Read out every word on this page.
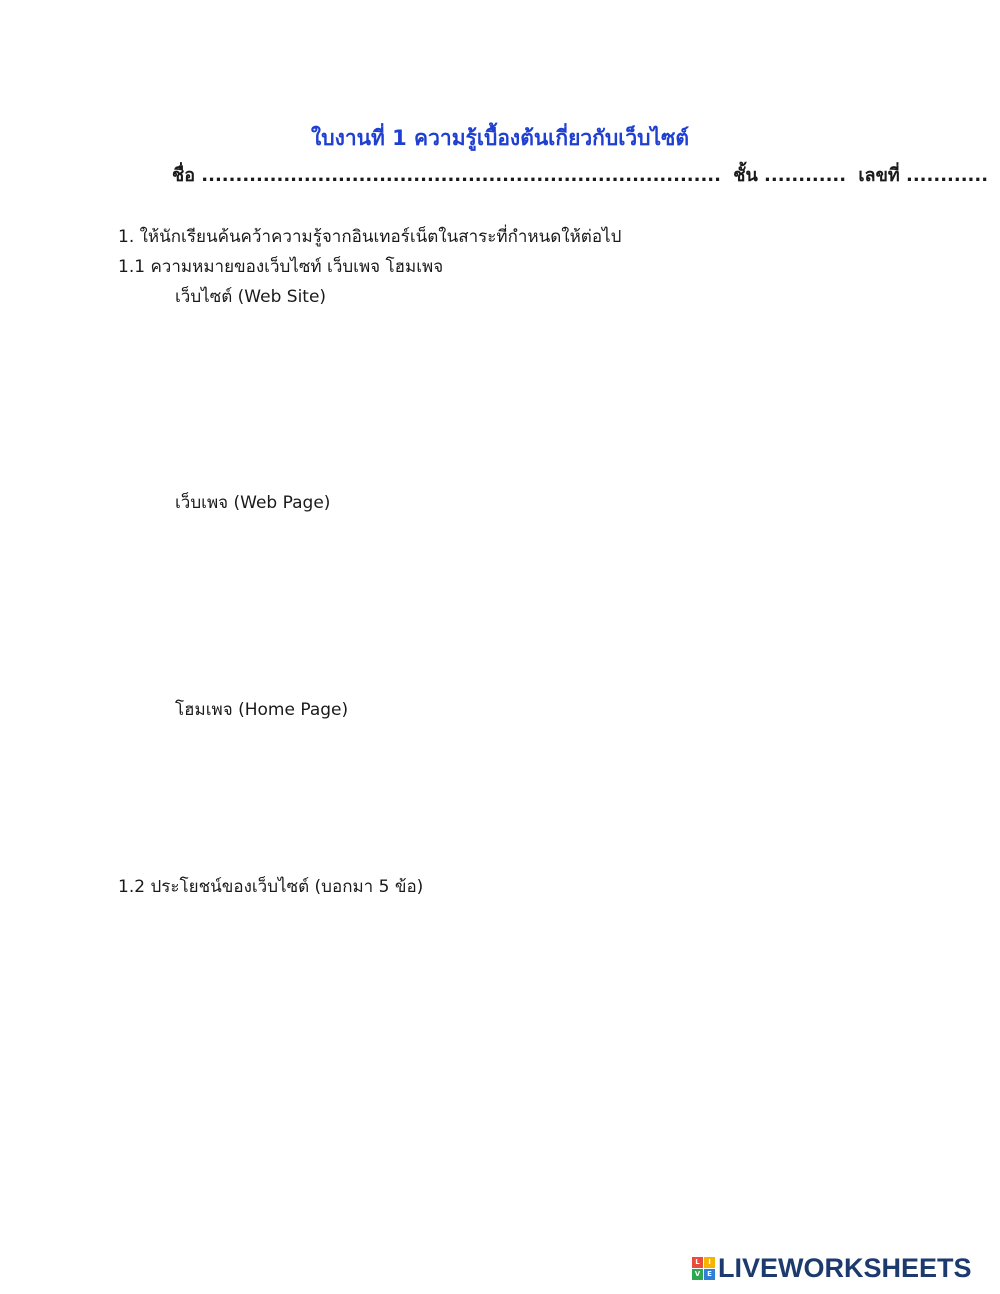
ใบงานที่ 1 ความรู้เบื้องต้นเกี่ยวกับเว็บไซต์
ชื่อ ............................................................................ ชั้น ............ เลขที่ ............
1. ให้นักเรียนค้นคว้าความรู้จากอินเทอร์เน็ตในสาระที่กำหนดให้ต่อไป
1.1 ความหมายของเว็บไซท์ เว็บเพจ โฮมเพจ
เว็บไซต์ (Web Site)
เว็บเพจ (Web Page)
โฮมเพจ (Home Page)
1.2 ประโยชน์ของเว็บไซต์ (บอกมา 5 ข้อ)
L	I
V E LIVEWORKSHEETS
